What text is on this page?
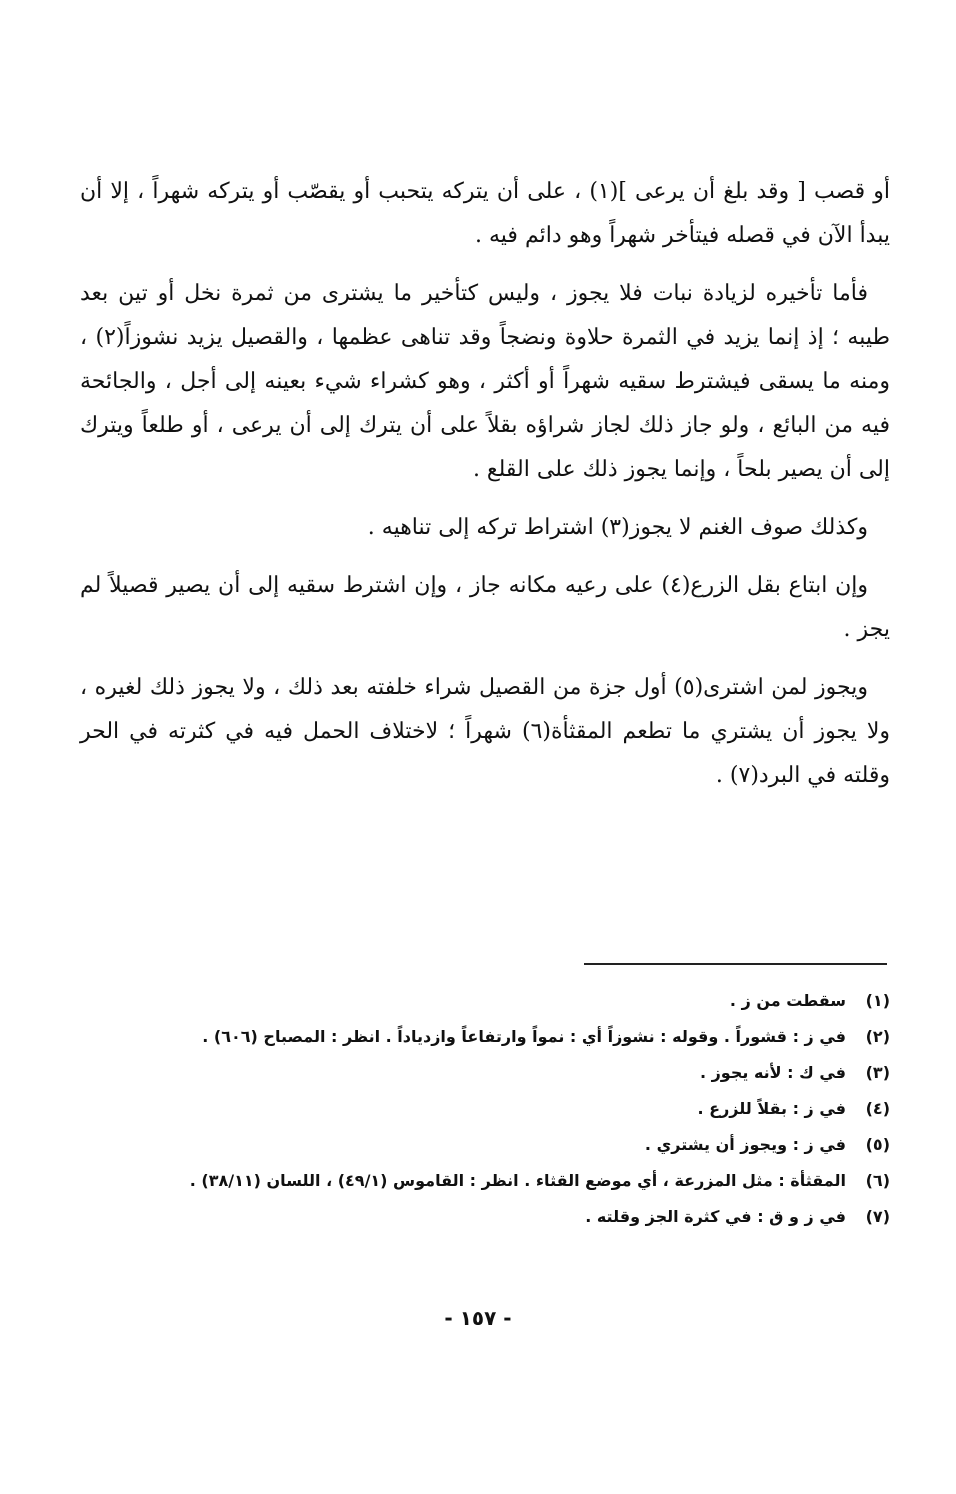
أو قصب [ وقد بلغ أن يرعى ](١) ، على أن يتركه يتحبب أو يقصّب أو يتركه شهراً ، إلا أن يبدأ الآن في قصله فيتأخر شهراً وهو دائم فيه .

فأما تأخيره لزيادة نبات فلا يجوز ، وليس كتأخير ما يشترى من ثمرة نخل أو تين بعد طيبه ؛ إذ إنما يزيد في الثمرة حلاوة ونضجاً وقد تناهى عظمها ، والقصيل يزيد نشوزاً(٢) ، ومنه ما يسقى فيشترط سقيه شهراً أو أكثر ، وهو كشراء شيء بعينه إلى أجل ، والجائحة فيه من البائع ، ولو جاز ذلك لجاز شراؤه بقلاً على أن يترك إلى أن يرعى ، أو طلعاً ويترك إلى أن يصير بلحاً ، وإنما يجوز ذلك على القلع .

وكذلك صوف الغنم لا يجوز(٣) اشتراط تركه إلى تناهيه .

وإن ابتاع بقل الزرع(٤) على رعيه مكانه جاز ، وإن اشترط سقيه إلى أن يصير قصيلاً لم يجز .

ويجوز لمن اشترى(٥) أول جزة من القصيل شراء خلفته بعد ذلك ، ولا يجوز ذلك لغيره ، ولا يجوز أن يشتري ما تطعم المقثأة(٦) شهراً ؛ لاختلاف الحمل فيه في كثرته في الحر وقلته في البرد(٧) .

(١)
سقطت من ز .
(٢)
في ز : قشوراً . وقوله : نشوزاً أي : نمواً وارتفاعاً وازدياداً . انظر : المصباح (٦٠٦) .
(٣)
في ك : لأنه يجوز .
(٤)
في ز : بقلاً للزرع .
(٥)
في ز : ويجوز أن يشتري .
(٦)
المقثأة : مثل المزرعة ، أي موضع القثاء . انظر : القاموس (٤٩/١) ، اللسان (٣٨/١١) .
(٧)
في ز و ق : في كثرة الجز وقلته .
- ١٥٧ -
